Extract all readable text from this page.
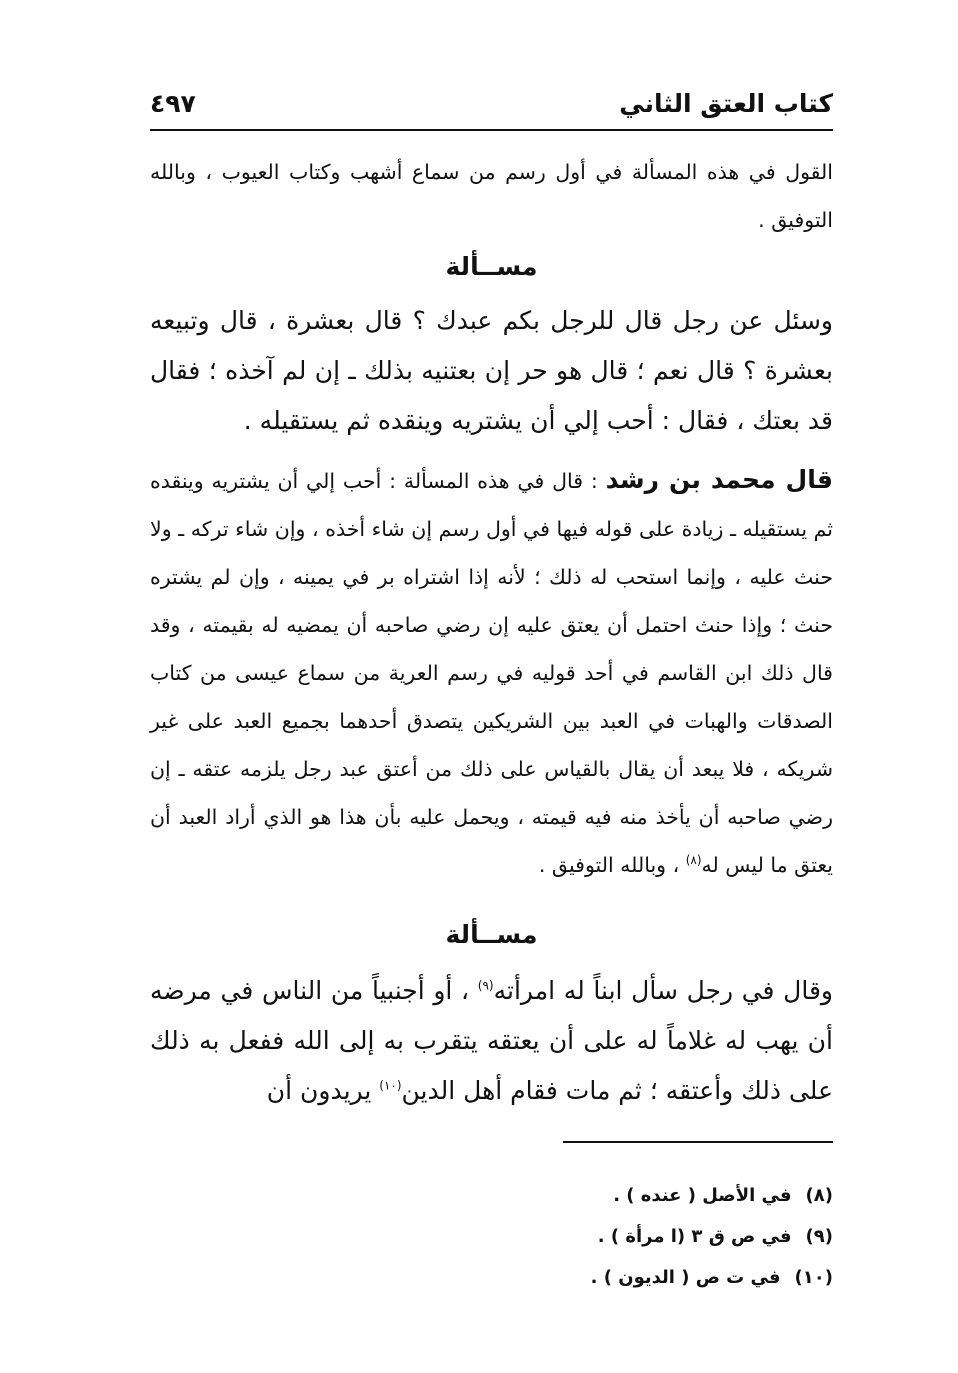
كتاب العتق الثاني
٤٩٧

القول في هذه المسألة في أول رسم من سماع أشهب وكتاب العيوب ، وبالله التوفيق .

مســألة

وسئل عن رجل قال للرجل بكم عبدك ؟ قال بعشرة ، قال وتبيعه بعشرة ؟ قال نعم ؛ قال هو حر إن بعتنيه بذلك ـ إن لم آخذه ؛ فقال قد بعتك ، فقال : أحب إلي أن يشتريه وينقده ثم يستقيله .

قال محمد بن رشد : قال في هذه المسألة : أحب إلي أن يشتريه وينقده ثم يستقيله ـ زيادة على قوله فيها في أول رسم إن شاء أخذه ، وإن شاء تركه ـ ولا حنث عليه ، وإنما استحب له ذلك ؛ لأنه إذا اشتراه بر في يمينه ، وإن لم يشتره حنث ؛ وإذا حنث احتمل أن يعتق عليه إن رضي صاحبه أن يمضيه له بقيمته ، وقد قال ذلك ابن القاسم في أحد قوليه في رسم العرية من سماع عيسى من كتاب الصدقات والهبات في العبد بين الشريكين يتصدق أحدهما بجميع العبد على غير شريكه ، فلا يبعد أن يقال بالقياس على ذلك من أعتق عبد رجل يلزمه عتقه ـ إن رضي صاحبه أن يأخذ منه فيه قيمته ، ويحمل عليه بأن هذا هو الذي أراد العبد أن يعتق ما ليس له$^{(٨)}$ ، وبالله التوفيق .

مســألة

وقال في رجل سأل ابناً له امرأته$^{(٩)}$ ، أو أجنبياً من الناس في مرضه أن يهب له غلاماً له على أن يعتقه يتقرب به إلى الله ففعل به ذلك على ذلك وأعتقه ؛ ثم مات فقام أهل الدين$^{(١٠)}$ يريدون أن

(٨)في الأصل ( عنده ) .
(٩)في ص ق ٣ (ا مرأة ) .
(١٠)في ت ص ( الديون ) .
